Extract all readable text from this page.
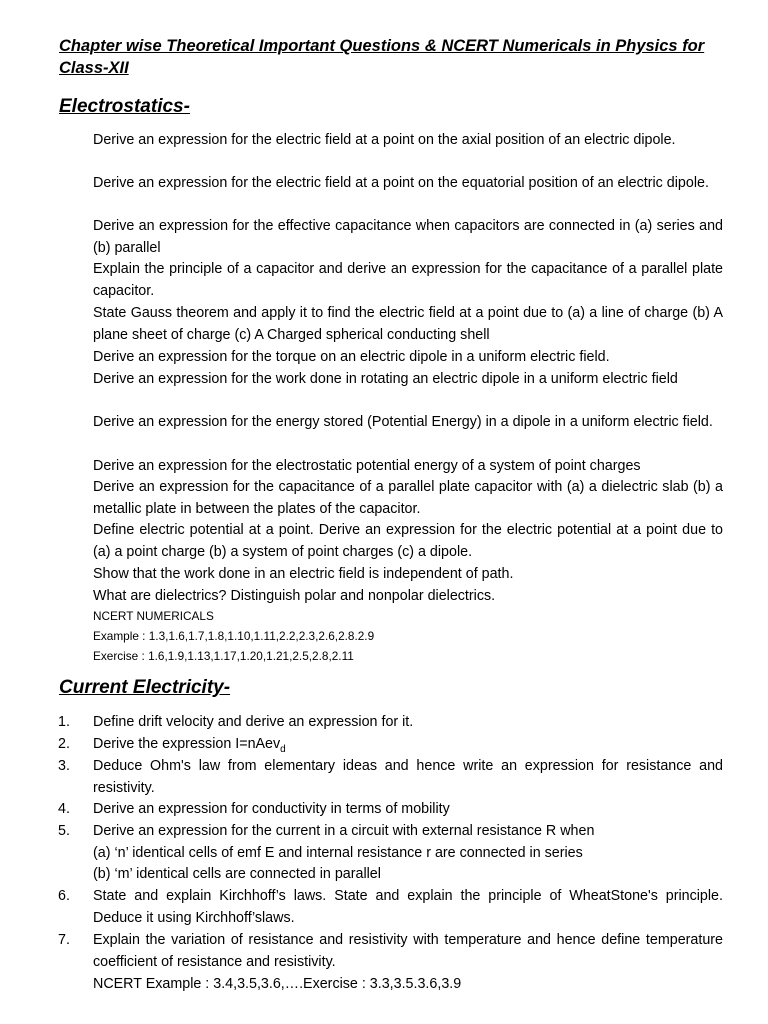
Chapter wise Theoretical Important Questions & NCERT Numericals in Physics for Class-XII
Electrostatics-
Derive an expression for the electric field at a point on the axial position of an electric dipole.
Derive an expression for the electric field at a point on the equatorial position of an electric dipole.
Derive an expression for the effective capacitance when capacitors are connected in (a) series and (b) parallel
Explain the principle of a capacitor and derive an expression for the capacitance of a parallel plate capacitor.
State Gauss theorem and apply it to find the electric field at a point due to (a) a line of charge (b) A plane sheet of charge (c) A Charged spherical conducting shell
Derive an expression for the torque on an electric dipole in a uniform electric field.
Derive an expression for the work done in rotating an electric dipole in a uniform electric field
Derive an expression for the energy stored (Potential Energy) in a dipole in a uniform electric field.
Derive an expression for the electrostatic potential energy of a system of point charges
Derive an expression for the capacitance of a parallel plate capacitor with (a) a dielectric slab (b) a metallic plate in between the plates of the capacitor.
Define electric potential at a point. Derive an expression for the electric potential at a point due to (a) a point charge (b) a system of point charges (c) a dipole.
Show that the work done in an electric field is independent of path.
What are dielectrics? Distinguish polar and nonpolar dielectrics.
NCERT NUMERICALS
Example : 1.3,1.6,1.7,1.8,1.10,1.11,2.2,2.3,2.6,2.8.2.9
Exercise : 1.6,1.9,1.13,1.17,1.20,1.21,2.5,2.8,2.11
Current Electricity-
1. Define drift velocity and derive an expression for it.
2. Derive the expression I=nAev$_d$
3. Deduce Ohm's law from elementary ideas and hence write an expression for resistance and resistivity.
4. Derive an expression for conductivity in terms of mobility
5. Derive an expression for the current in a circuit with external resistance R when
(a) ‘n’ identical cells of emf E and internal resistance r are connected in series
(b) ‘m’ identical cells are connected in parallel
6. State and explain Kirchhoff’s laws. State and explain the principle of WheatStone's principle. Deduce it using Kirchhoff’slaws.
7. Explain the variation of resistance and resistivity with temperature and hence define temperature coefficient of resistance and resistivity.
NCERT Example : 3.4,3.5,3.6,….Exercise : 3.3,3.5.3.6,3.9
